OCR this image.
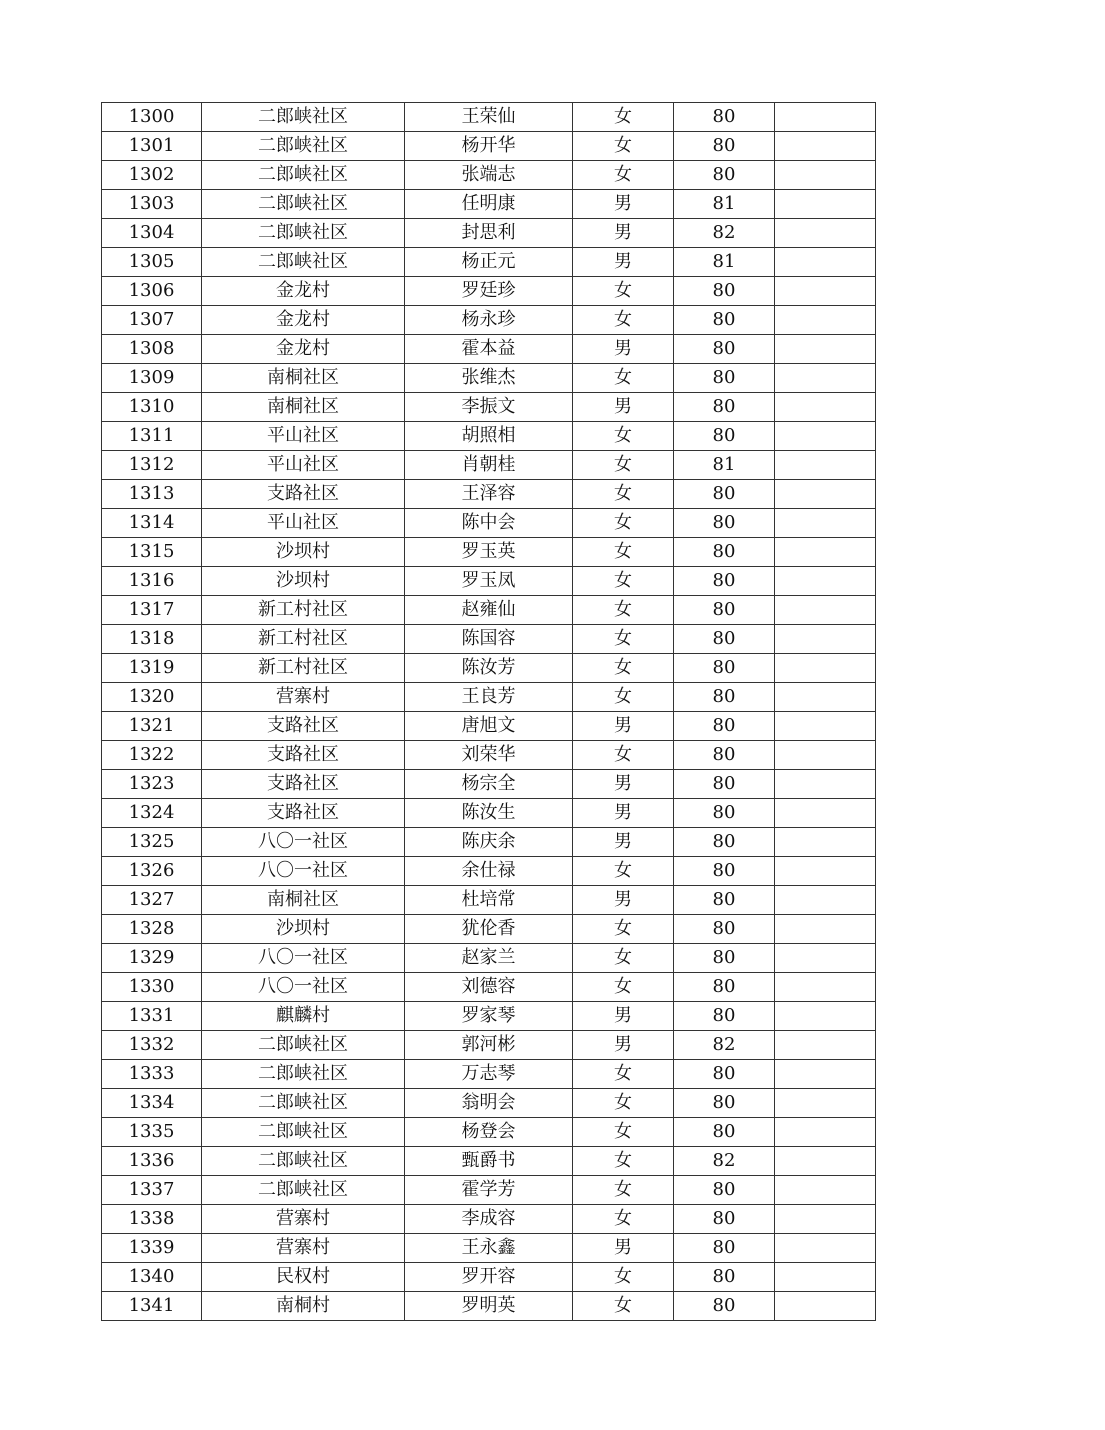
1300	二郎峡社区	王荣仙	女	80	
1301	二郎峡社区	杨开华	女	80	
1302	二郎峡社区	张端志	女	80	
1303	二郎峡社区	任明康	男	81	
1304	二郎峡社区	封思利	男	82	
1305	二郎峡社区	杨正元	男	81	
1306	金龙村	罗廷珍	女	80	
1307	金龙村	杨永珍	女	80	
1308	金龙村	霍本益	男	80	
1309	南桐社区	张维杰	女	80	
1310	南桐社区	李振文	男	80	
1311	平山社区	胡照相	女	80	
1312	平山社区	肖朝桂	女	81	
1313	支路社区	王泽容	女	80	
1314	平山社区	陈中会	女	80	
1315	沙坝村	罗玉英	女	80	
1316	沙坝村	罗玉凤	女	80	
1317	新工村社区	赵雍仙	女	80	
1318	新工村社区	陈国容	女	80	
1319	新工村社区	陈汝芳	女	80	
1320	营寨村	王良芳	女	80	
1321	支路社区	唐旭文	男	80	
1322	支路社区	刘荣华	女	80	
1323	支路社区	杨宗全	男	80	
1324	支路社区	陈汝生	男	80	
1325	八〇一社区	陈庆余	男	80	
1326	八〇一社区	余仕禄	女	80	
1327	南桐社区	杜培常	男	80	
1328	沙坝村	犹伦香	女	80	
1329	八〇一社区	赵家兰	女	80	
1330	八〇一社区	刘德容	女	80	
1331	麒麟村	罗家琴	男	80	
1332	二郎峡社区	郭河彬	男	82	
1333	二郎峡社区	万志琴	女	80	
1334	二郎峡社区	翁明会	女	80	
1335	二郎峡社区	杨登会	女	80	
1336	二郎峡社区	甄爵书	女	82	
1337	二郎峡社区	霍学芳	女	80	
1338	营寨村	李成容	女	80	
1339	营寨村	王永鑫	男	80	
1340	民权村	罗开容	女	80	
1341	南桐村	罗明英	女	80	
